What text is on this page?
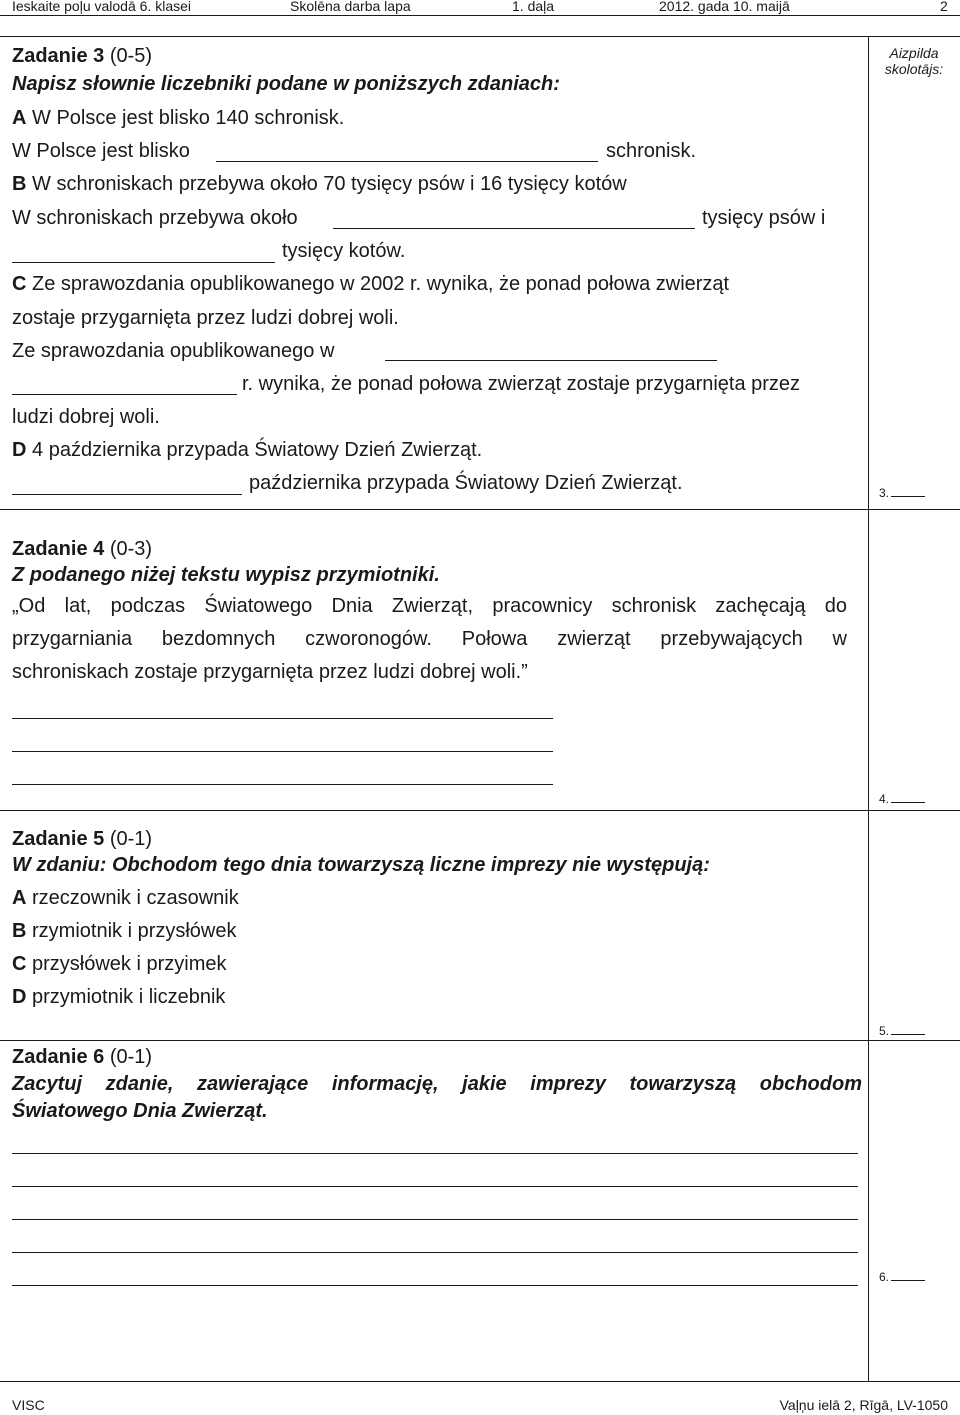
Ieskaite poļu valodā 6. klasei	Skolēna darba lapa	1. daļa	2012. gada 10. maijā	2
Aizpilda
skolotājs:
Zadanie 3 (0-5)
Napisz słownie liczebniki podane w poniższych zdaniach:
A W Polsce jest blisko 140 schronisk.
W Polsce jest blisko	schronisk.
B W schroniskach przebywa około 70 tysięcy psów i 16 tysięcy kotów
W schroniskach przebywa około	tysięcy psów i
tysięcy kotów.
C Ze sprawozdania opublikowanego w 2002 r. wynika, że ponad połowa zwierząt
zostaje przygarnięta przez ludzi dobrej woli.
Ze sprawozdania opublikowanego w
r. wynika, że ponad połowa zwierząt zostaje przygarnięta przez
ludzi dobrej woli.
D 4 października przypada Światowy Dzień Zwierząt.
października przypada Światowy Dzień Zwierząt.	3.
Zadanie 4 (0-3)
Z podanego niżej tekstu wypisz przymiotniki.
„Od lat, podczas Światowego Dnia Zwierząt, pracownicy schronisk zachęcają do
przygarniania bezdomnych czworonogów. Połowa zwierząt przebywających w
schroniskach zostaje przygarnięta przez ludzi dobrej woli.”
4.
Zadanie 5 (0-1)
W zdaniu: Obchodom tego dnia towarzyszą liczne imprezy nie występują:
A rzeczownik i czasownik
B rzymiotnik i przysłówek
C przysłówek i przyimek
D przymiotnik i liczebnik
5.
Zadanie 6 (0-1)
Zacytuj zdanie, zawierające informację, jakie imprezy towarzyszą obchodom
Światowego Dnia Zwierząt.
6.
VISC	Vaļņu ielā 2, Rīgā, LV-1050
